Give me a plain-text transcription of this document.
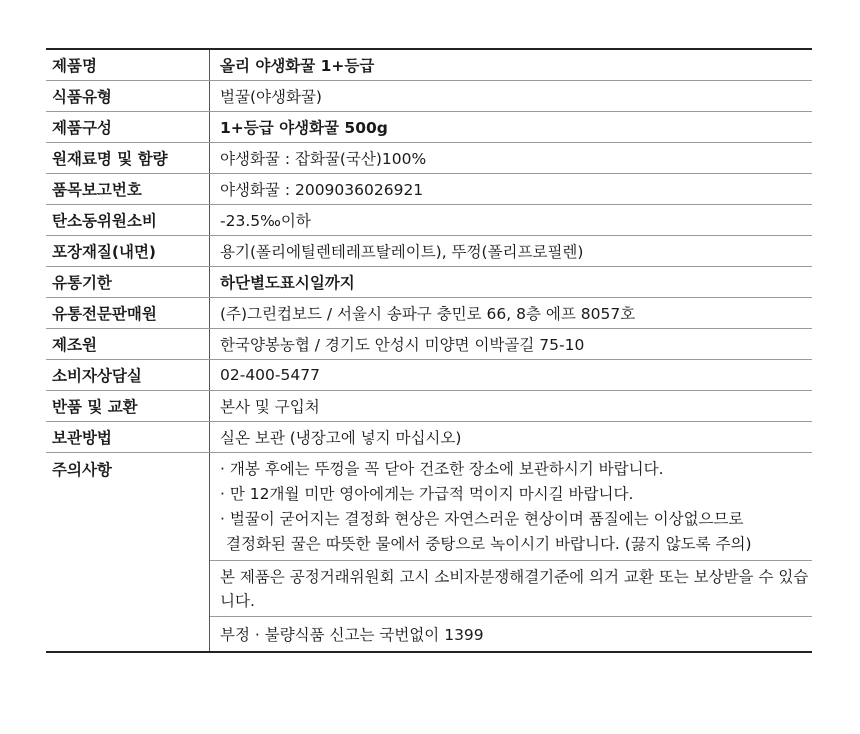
제품명	올리 야생화꿀 1+등급
식품유형	벌꿀(야생화꿀)
제품구성	1+등급 야생화꿀 500g
원재료명 및 함량	야생화꿀 : 잡화꿀(국산)100%
품목보고번호	야생화꿀 : 2009036026921
탄소동위원소비	-23.5‰이하
포장재질(내면)	용기(폴리에틸렌테레프탈레이트), 뚜껑(폴리프로필렌)
유통기한	하단별도표시일까지
유통전문판매원	(주)그린컵보드 / 서울시 송파구 충민로 66, 8층 에프 8057호
제조원	한국양봉농협 / 경기도 안성시 미양면 이박골길 75-10
소비자상담실	02-400-5477
반품 및 교환	본사 및 구입처
보관방법	실온 보관 (냉장고에 넣지 마십시오)
주의사항	· 개봉 후에는 뚜껑을 꼭 닫아 건조한 장소에 보관하시기 바랍니다.
· 만 12개월 미만 영아에게는 가급적 먹이지 마시길 바랍니다.
· 벌꿀이 굳어지는 결정화 현상은 자연스러운 현상이며 품질에는 이상없으므로
결정화된 꿀은 따뜻한 물에서 중탕으로 녹이시기 바랍니다. (끓지 않도록 주의)
본 제품은 공정거래위원회 고시 소비자분쟁해결기준에 의거 교환 또는 보상받을 수 있습니다.
부정 · 불량식품 신고는 국번없이 1399
